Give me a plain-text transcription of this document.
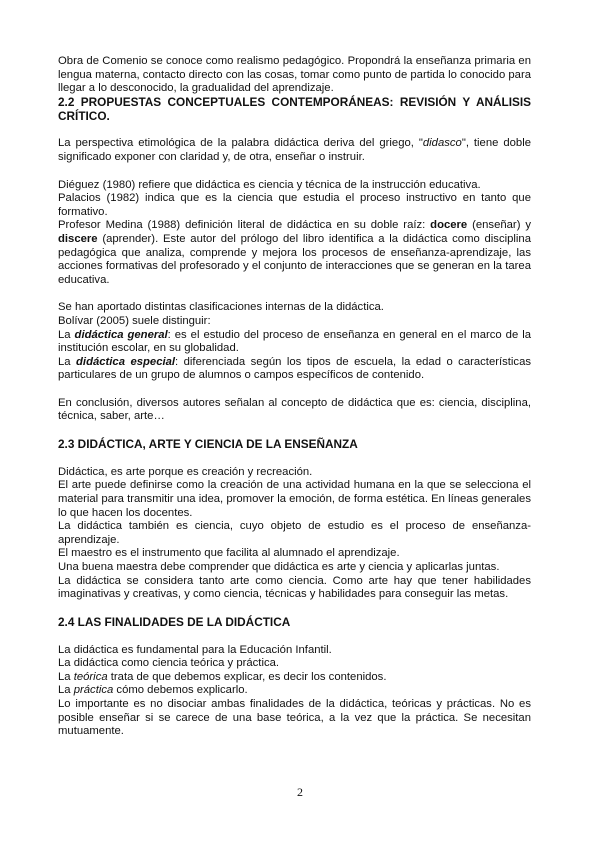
Obra de Comenio se conoce como realismo pedagógico. Propondrá la enseñanza primaria en lengua materna, contacto directo con las cosas, tomar como punto de partida lo conocido para llegar a lo desconocido, la gradualidad del aprendizaje.

2.2 PROPUESTAS CONCEPTUALES CONTEMPORÁNEAS: REVISIÓN Y ANÁLISIS CRÍTICO.

La perspectiva etimológica de la palabra didáctica deriva del griego, "didasco", tiene doble significado exponer con claridad y, de otra, enseñar o instruir.

Diéguez (1980) refiere que didáctica es ciencia y técnica de la instrucción educativa.

Palacios (1982) indica que es la ciencia que estudia el proceso instructivo en tanto que formativo.

Profesor Medina (1988) definición literal de didáctica en su doble raíz: docere (enseñar) y discere (aprender). Este autor del prólogo del libro identifica a la didáctica como disciplina pedagógica que analiza, comprende y mejora los procesos de enseñanza-aprendizaje, las acciones formativas del profesorado y el conjunto de interacciones que se generan en la tarea educativa.

Se han aportado distintas clasificaciones internas de la didáctica.

Bolívar (2005) suele distinguir:

La didáctica general: es el estudio del proceso de enseñanza en general en el marco de la institución escolar, en su globalidad.

La didáctica especial: diferenciada según los tipos de escuela, la edad o características particulares de un grupo de alumnos o campos específicos de contenido.

En conclusión, diversos autores señalan al concepto de didáctica que es: ciencia, disciplina, técnica, saber, arte…

2.3 DIDÁCTICA, ARTE Y CIENCIA DE LA ENSEÑANZA

Didáctica, es arte porque es creación y recreación.

El arte puede definirse como la creación de una actividad humana en la que se selecciona el material para transmitir una idea, promover la emoción, de forma estética. En líneas generales lo que hacen los docentes.

La didáctica también es ciencia, cuyo objeto de estudio es el proceso de enseñanza-aprendizaje.

El maestro es el instrumento que facilita al alumnado el aprendizaje.

Una buena maestra debe comprender que didáctica es arte y ciencia y aplicarlas juntas.

La didáctica se considera tanto arte como ciencia. Como arte hay que tener habilidades imaginativas y creativas, y como ciencia, técnicas y habilidades para conseguir las metas.

2.4 LAS FINALIDADES DE LA DIDÁCTICA

La didáctica es fundamental para la Educación Infantil.

La didáctica como ciencia teórica y práctica.

La teórica trata de que debemos explicar, es decir los contenidos.

La práctica cómo debemos explicarlo.

Lo importante es no disociar ambas finalidades de la didáctica, teóricas y prácticas. No es posible enseñar si se carece de una base teórica, a la vez que la práctica. Se necesitan mutuamente.

2
